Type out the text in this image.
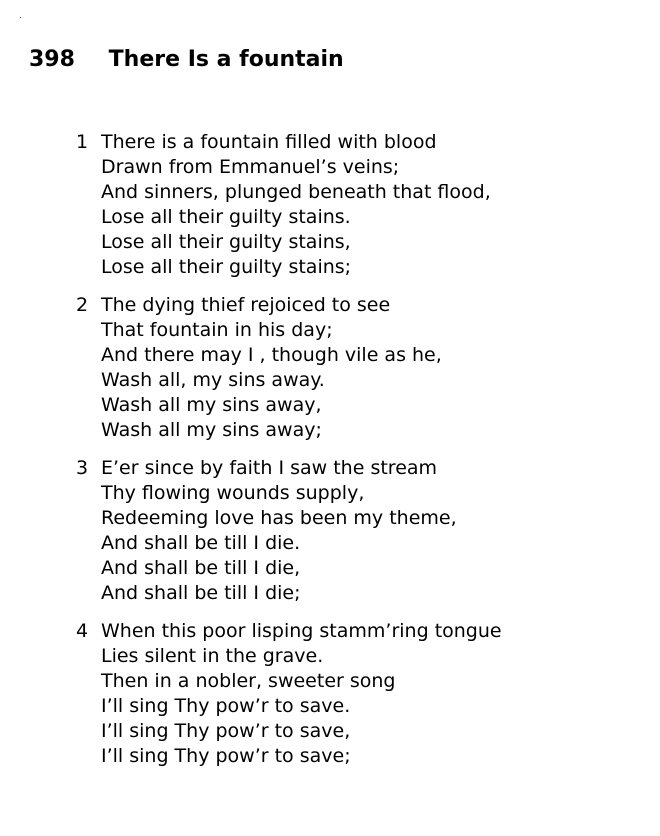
398 There Is a fountain
1 There is a fountain filled with blood
Drawn from Emmanuel’s veins;
And sinners, plunged beneath that flood,
Lose all their guilty stains.
Lose all their guilty stains,
Lose all their guilty stains;
2 The dying thief rejoiced to see
That fountain in his day;
And there may I , though vile as he,
Wash all, my sins away.
Wash all my sins away,
Wash all my sins away;
3 E’er since by faith I saw the stream
Thy flowing wounds supply,
Redeeming love has been my theme,
And shall be till I die.
And shall be till I die,
And shall be till I die;
4 When this poor lisping stamm’ring tongue
Lies silent in the grave.
Then in a nobler, sweeter song
I’ll sing Thy pow’r to save.
I’ll sing Thy pow’r to save,
I’ll sing Thy pow’r to save;
